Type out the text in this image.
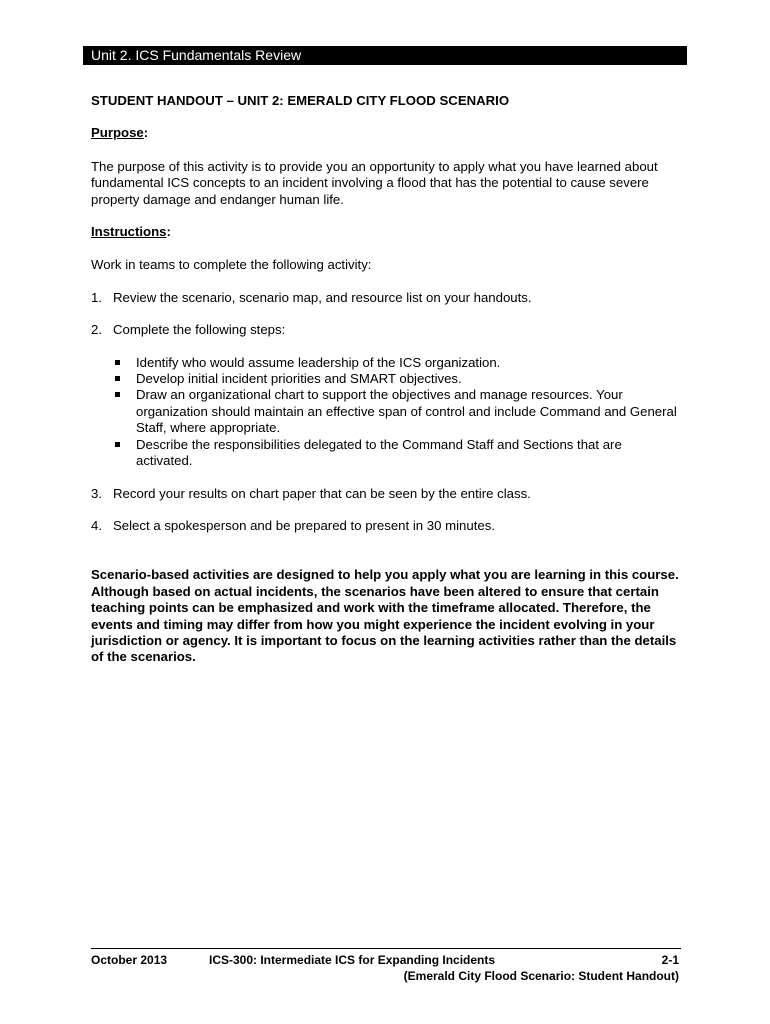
Unit 2. ICS Fundamentals Review

STUDENT HANDOUT – UNIT 2: EMERALD CITY FLOOD SCENARIO

Purpose:

The purpose of this activity is to provide you an opportunity to apply what you have learned about fundamental ICS concepts to an incident involving a flood that has the potential to cause severe property damage and endanger human life.

Instructions:

Work in teams to complete the following activity:

1. Review the scenario, scenario map, and resource list on your handouts.
2. Complete the following steps:
Identify who would assume leadership of the ICS organization.
Develop initial incident priorities and SMART objectives.
Draw an organizational chart to support the objectives and manage resources. Your organization should maintain an effective span of control and include Command and General Staff, where appropriate.
Describe the responsibilities delegated to the Command Staff and Sections that are activated.
3. Record your results on chart paper that can be seen by the entire class.
4. Select a spokesperson and be prepared to present in 30 minutes.

Scenario-based activities are designed to help you apply what you are learning in this course. Although based on actual incidents, the scenarios have been altered to ensure that certain teaching points can be emphasized and work with the timeframe allocated. Therefore, the events and timing may differ from how you might experience the incident evolving in your jurisdiction or agency. It is important to focus on the learning activities rather than the details of the scenarios.

October 2013	ICS-300: Intermediate ICS for Expanding Incidents	2-1
(Emerald City Flood Scenario: Student Handout)
